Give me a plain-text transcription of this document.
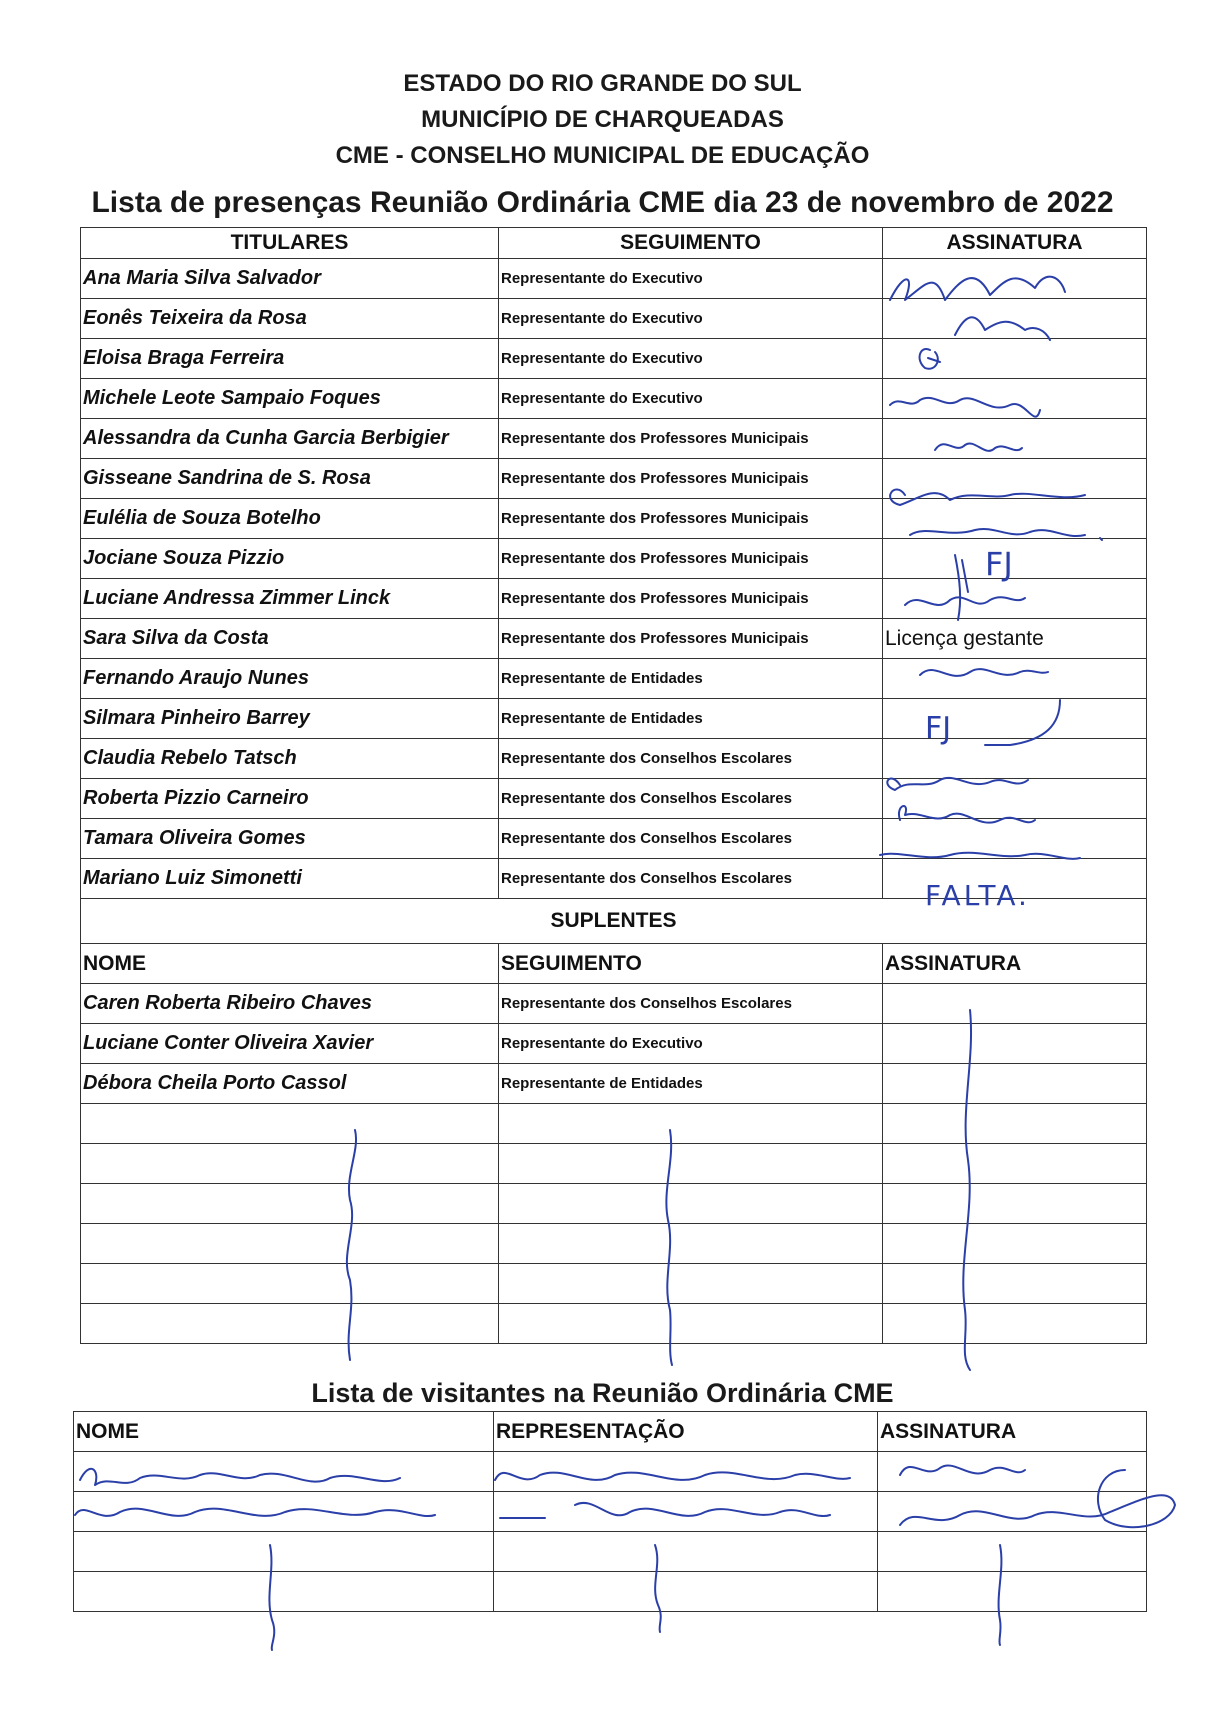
ESTADO DO RIO GRANDE DO SUL
MUNICÍPIO DE CHARQUEADAS
CME - CONSELHO MUNICIPAL DE EDUCAÇÃO
Lista de presenças Reunião Ordinária CME dia 23 de novembro de 2022
TITULARES	SEGUIMENTO	ASSINATURA
Ana Maria Silva Salvador	Representante do Executivo	
Eonês Teixeira da Rosa	Representante do Executivo	
Eloisa Braga Ferreira	Representante do Executivo	
Michele Leote Sampaio Foques	Representante do Executivo	
Alessandra da Cunha Garcia Berbigier	Representante dos Professores Municipais	
Gisseane Sandrina de S. Rosa	Representante dos Professores Municipais	
Eulélia de Souza Botelho	Representante dos Professores Municipais	
Jociane Souza Pizzio	Representante dos Professores Municipais	
Luciane Andressa Zimmer Linck	Representante dos Professores Municipais	
Sara Silva da Costa	Representante dos Professores Municipais	Licença gestante
Fernando Araujo Nunes	Representante de Entidades	
Silmara Pinheiro Barrey	Representante de Entidades	
Claudia Rebelo Tatsch	Representante dos Conselhos Escolares	
Roberta Pizzio Carneiro	Representante dos Conselhos Escolares	
Tamara Oliveira Gomes	Representante dos Conselhos Escolares	
Mariano Luiz Simonetti	Representante dos Conselhos Escolares	
SUPLENTES		
NOME	SEGUIMENTO	ASSINATURA
Caren Roberta Ribeiro Chaves	Representante dos Conselhos Escolares	
Luciane Conter Oliveira Xavier	Representante do Executivo	
Débora Cheila Porto Cassol	Representante de Entidades	

Lista de visitantes na Reunião Ordinária CME
NOME	REPRESENTAÇÃO	ASSINATURA

FJ
FJ
FALTA.
